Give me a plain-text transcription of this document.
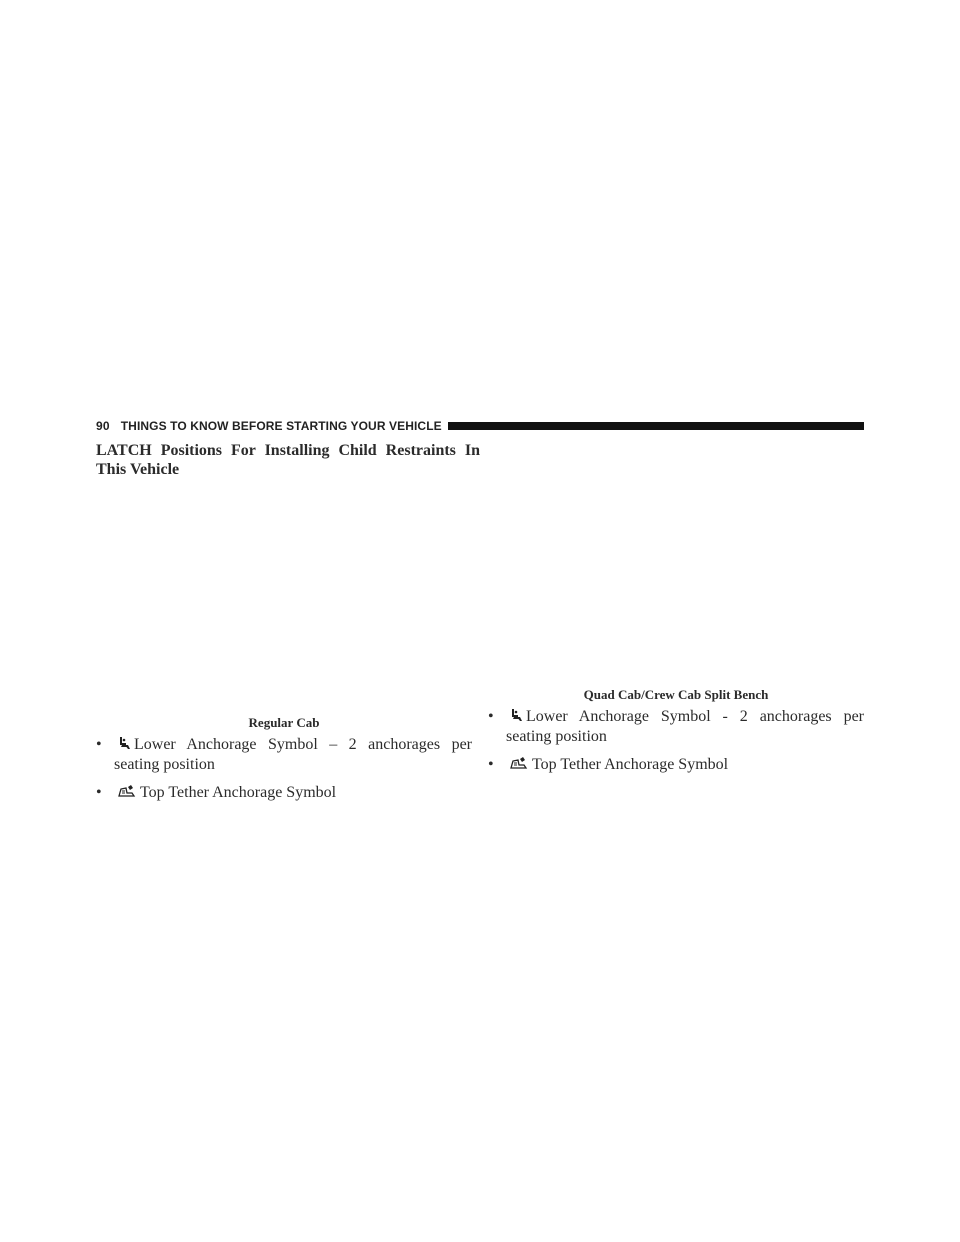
90 THINGS TO KNOW BEFORE STARTING YOUR VEHICLE
LATCH Positions For Installing Child Restraints In This Vehicle
Regular Cab
Quad Cab/Crew Cab Split Bench
• Lower Anchorage Symbol – 2 anchorages per seating position
• Top Tether Anchorage Symbol
• Lower Anchorage Symbol - 2 anchorages per seating position
• Top Tether Anchorage Symbol
